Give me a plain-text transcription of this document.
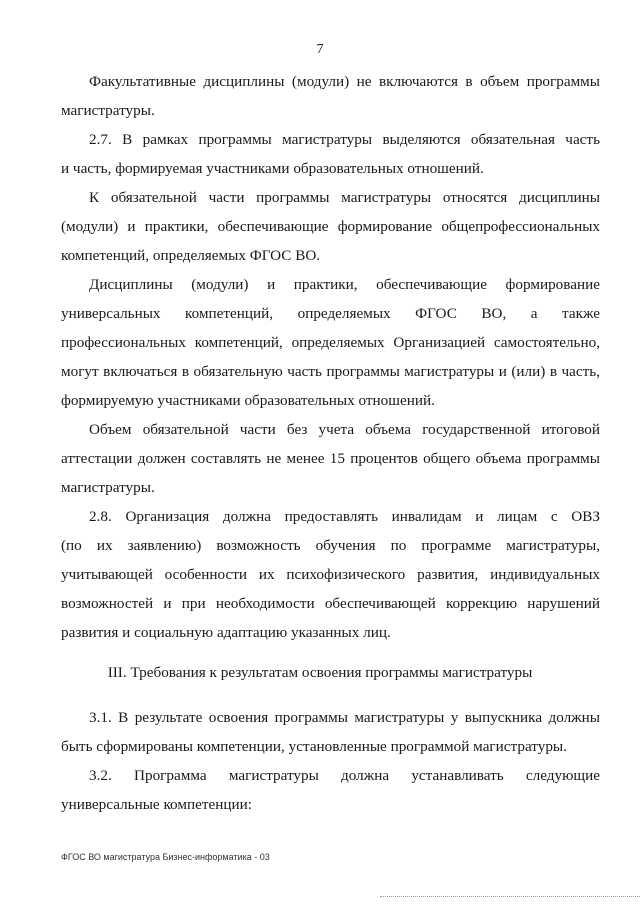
7
Факультативные дисциплины (модули) не включаются в объем программы
магистратуры.
2.7. В рамках программы магистратуры выделяются обязательная часть
и часть, формируемая участниками образовательных отношений.
К обязательной части программы магистратуры относятся дисциплины
(модули) и практики, обеспечивающие формирование общепрофессиональных
компетенций, определяемых ФГОС ВО.
Дисциплины (модули) и практики, обеспечивающие формирование
универсальных компетенций, определяемых ФГОС ВО, а также
профессиональных компетенций, определяемых Организацией самостоятельно,
могут включаться в обязательную часть программы магистратуры и (или) в часть,
формируемую участниками образовательных отношений.
Объем обязательной части без учета объема государственной итоговой
аттестации должен составлять не менее 15 процентов общего объема программы
магистратуры.
2.8. Организация должна предоставлять инвалидам и лицам с ОВЗ
(по их заявлению) возможность обучения по программе магистратуры,
учитывающей особенности их психофизического развития, индивидуальных
возможностей и при необходимости обеспечивающей коррекцию нарушений
развития и социальную адаптацию указанных лиц.
III. Требования к результатам освоения программы магистратуры
3.1. В результате освоения программы магистратуры у выпускника должны
быть сформированы компетенции, установленные программой магистратуры.
3.2. Программа магистратуры должна устанавливать следующие
универсальные компетенции:
ФГОС ВО магистратура Бизнес-информатика - 03
